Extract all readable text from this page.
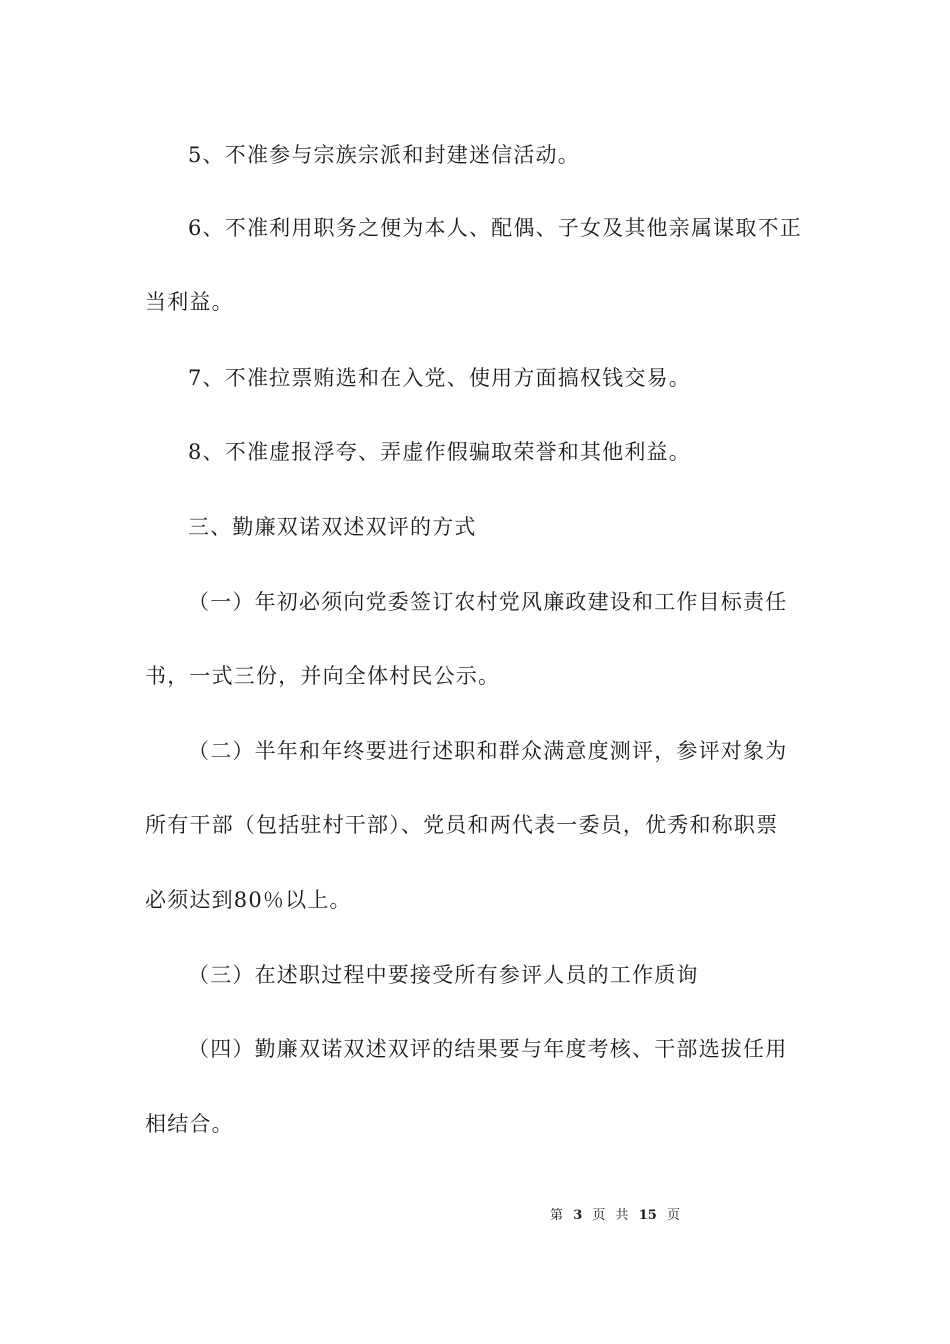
5、不准参与宗族宗派和封建迷信活动。
6、不准利用职务之便为本人、配偶、子女及其他亲属谋取不正
当利益。
7、不准拉票贿选和在入党、使用方面搞权钱交易。
8、不准虚报浮夸、弄虚作假骗取荣誉和其他利益。
三、勤廉双诺双述双评的方式
（一）年初必须向党委签订农村党风廉政建设和工作目标责任
书，一式三份，并向全体村民公示。
（二）半年和年终要进行述职和群众满意度测评，参评对象为
所有干部（包括驻村干部）、党员和两代表一委员，优秀和称职票
必须达到80％以上。
（三）在述职过程中要接受所有参评人员的工作质询
（四）勤廉双诺双述双评的结果要与年度考核、干部选拔任用
相结合。
第 3 页 共 15 页
